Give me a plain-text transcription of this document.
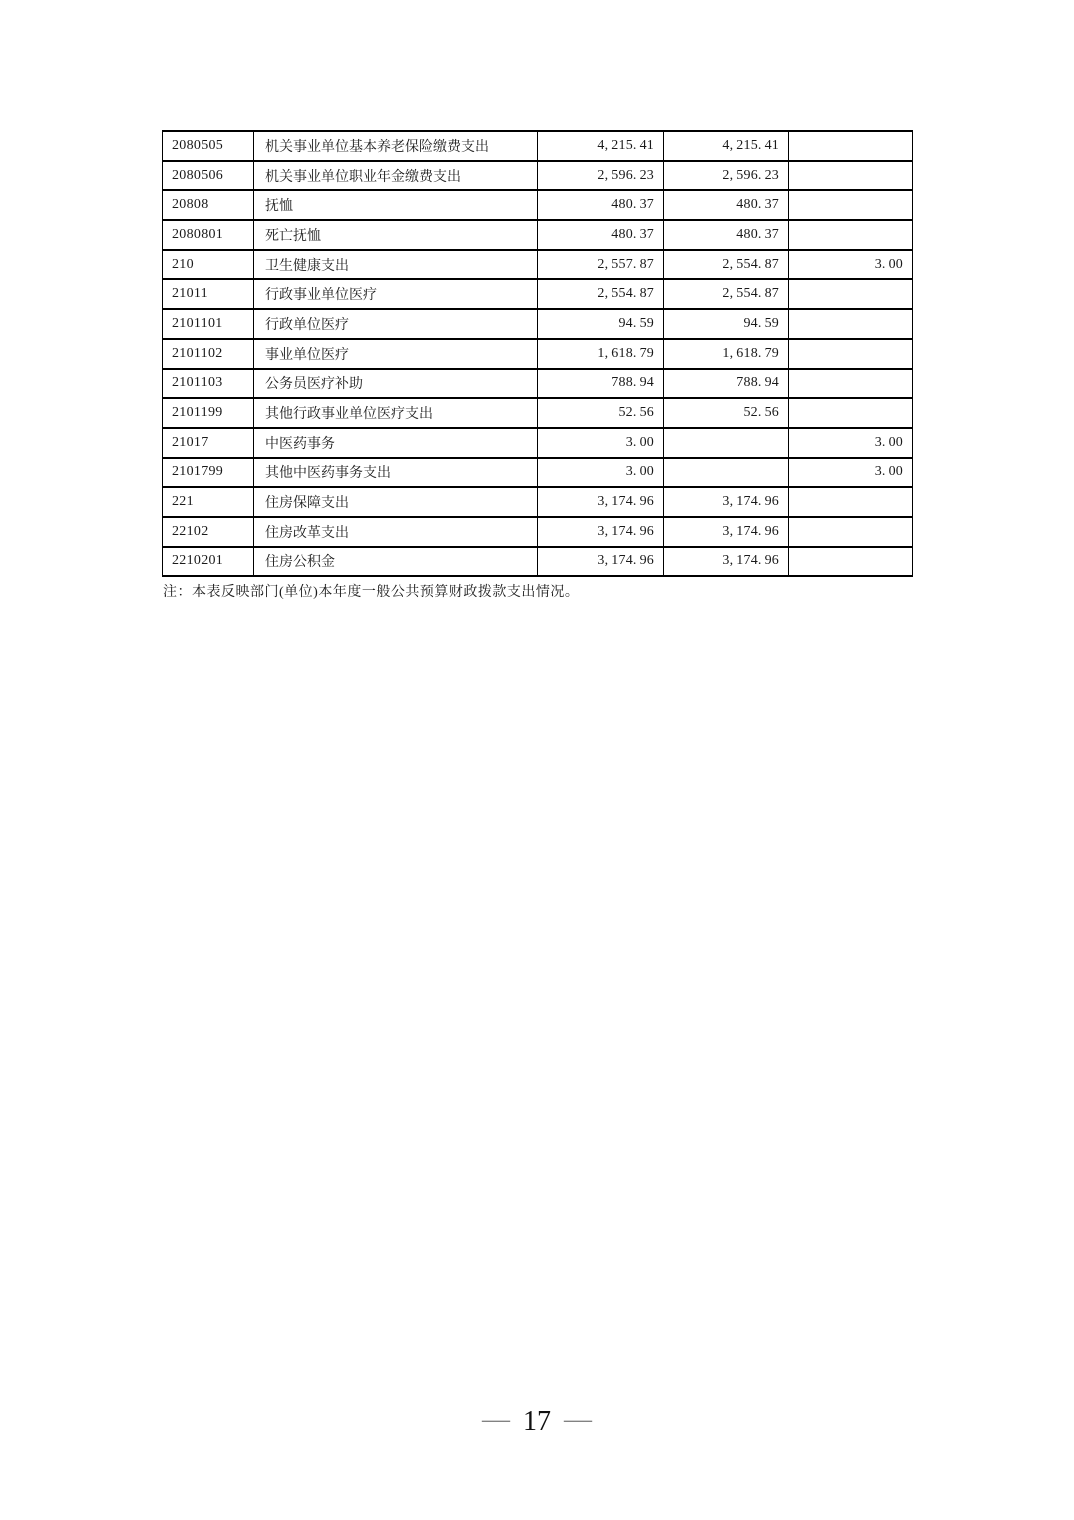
2080505	机关事业单位基本养老保险缴费支出	4, 215. 41	4, 215. 41	
2080506	机关事业单位职业年金缴费支出	2, 596. 23	2, 596. 23	
20808	抚恤	480. 37	480. 37	
2080801	死亡抚恤	480. 37	480. 37	
210	卫生健康支出	2, 557. 87	2, 554. 87	3. 00
21011	行政事业单位医疗	2, 554. 87	2, 554. 87	
2101101	行政单位医疗	94. 59	94. 59	
2101102	事业单位医疗	1, 618. 79	1, 618. 79	
2101103	公务员医疗补助	788. 94	788. 94	
2101199	其他行政事业单位医疗支出	52. 56	52. 56	
21017	中医药事务	3. 00		3. 00
2101799	其他中医药事务支出	3. 00		3. 00
221	住房保障支出	3, 174. 96	3, 174. 96	
22102	住房改革支出	3, 174. 96	3, 174. 96	
2210201	住房公积金	3, 174. 96	3, 174. 96	
注：本表反映部门(单位)本年度一般公共预算财政拨款支出情况。
— 17 —
